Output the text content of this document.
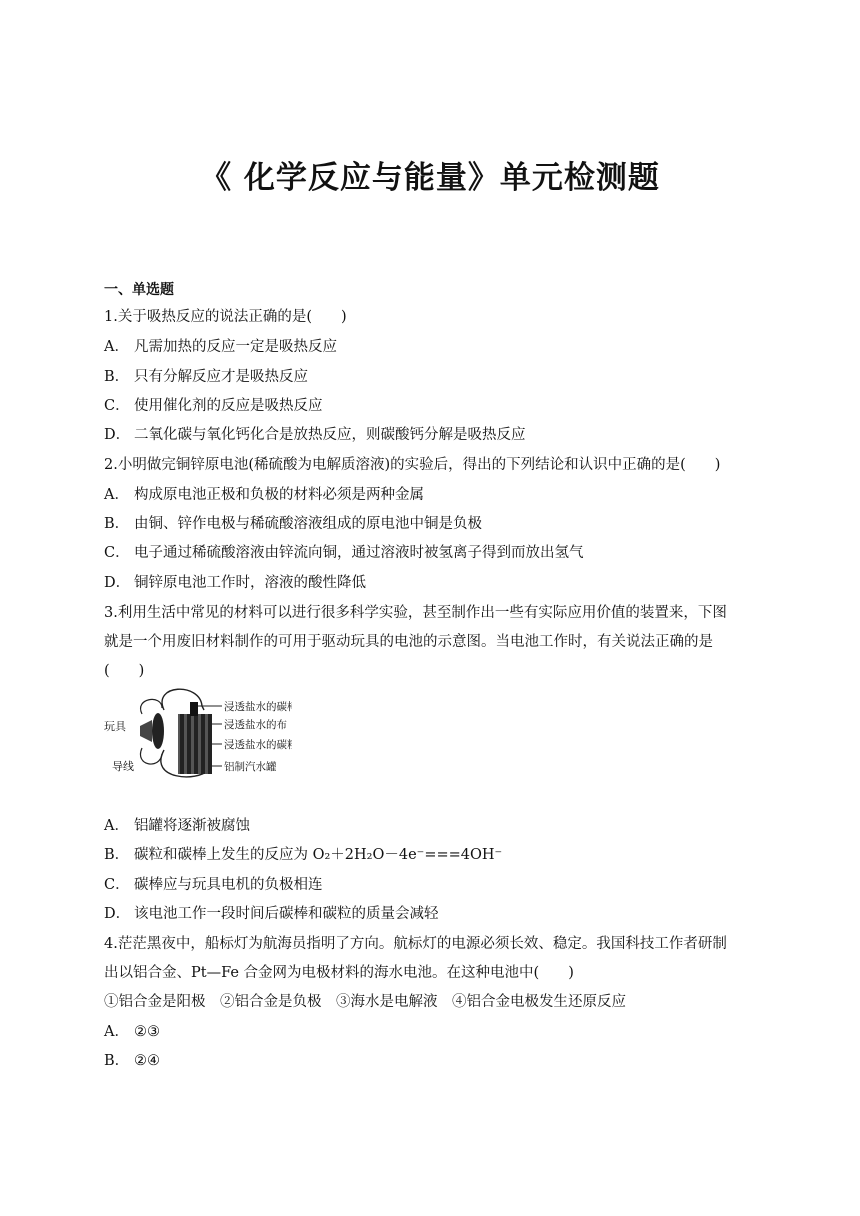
《 化学反应与能量》单元检测题
一、单选题
1.关于吸热反应的说法正确的是(　　)
A． 凡需加热的反应一定是吸热反应
B． 只有分解反应才是吸热反应
C． 使用催化剂的反应是吸热反应
D． 二氧化碳与氧化钙化合是放热反应，则碳酸钙分解是吸热反应
2.小明做完铜锌原电池(稀硫酸为电解质溶液)的实验后，得出的下列结论和认识中正确的是(　　)
A． 构成原电池正极和负极的材料必须是两种金属
B． 由铜、锌作电极与稀硫酸溶液组成的原电池中铜是负极
C． 电子通过稀硫酸溶液由锌流向铜，通过溶液时被氢离子得到而放出氢气
D． 铜锌原电池工作时，溶液的酸性降低
3.利用生活中常见的材料可以进行很多科学实验，甚至制作出一些有实际应用价值的装置来，下图
就是一个用废旧材料制作的可用于驱动玩具的电池的示意图。当电池工作时，有关说法正确的是
(　　)
玩具
导线
浸透盐水的碳棒
浸透盐水的布
浸透盐水的碳粒
铝制汽水罐
A． 铝罐将逐渐被腐蚀
B． 碳粒和碳棒上发生的反应为 O₂＋2H₂O－4e⁻===4OH⁻
C． 碳棒应与玩具电机的负极相连
D． 该电池工作一段时间后碳棒和碳粒的质量会减轻
4.茫茫黑夜中，船标灯为航海员指明了方向。航标灯的电源必须长效、稳定。我国科技工作者研制
出以铝合金、Pt—Fe 合金网为电极材料的海水电池。在这种电池中(　　)
①铝合金是阳极　②铝合金是负极　③海水是电解液　④铝合金电极发生还原反应
A． ②③
B． ②④
